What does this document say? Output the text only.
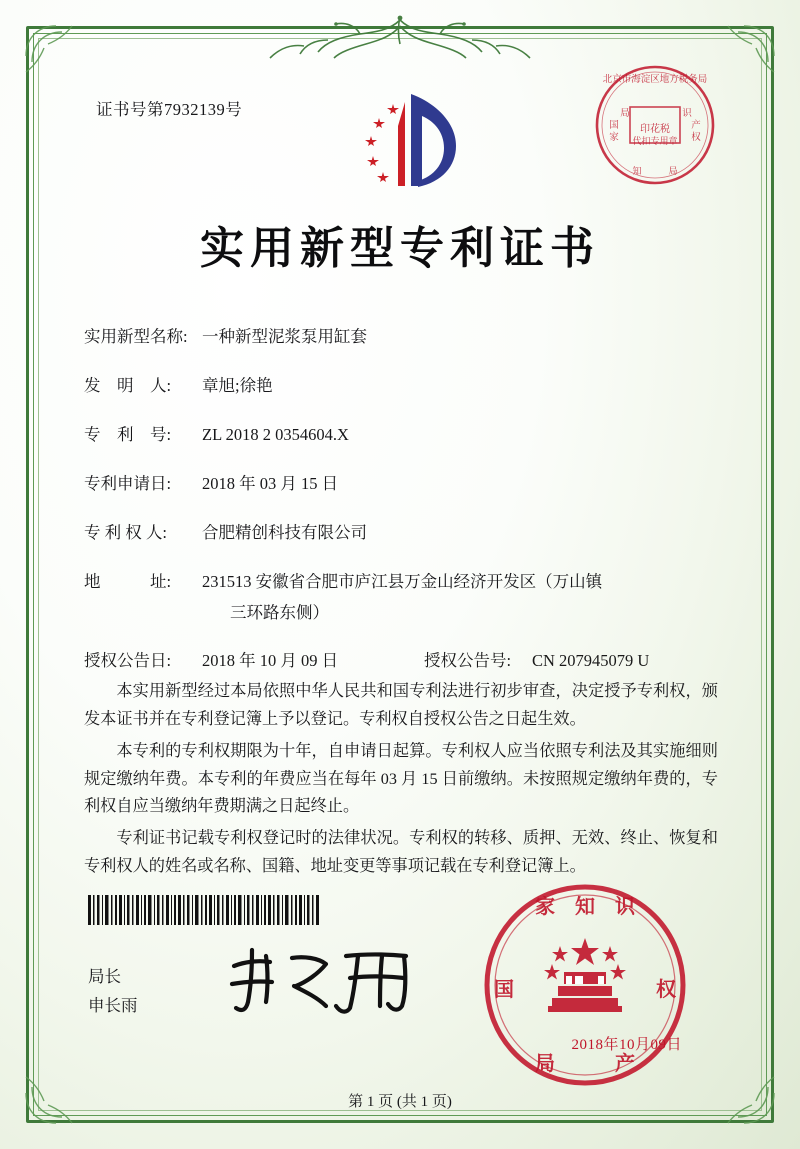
证书号第7932139号
印花税
代扣专用章
北京市海淀区地方税务局
国
家
产
权
局	识
知　　　局
实用新型专利证书
实用新型名称: 一种新型泥浆泵用缸套
发　明　人:	章旭;徐艳
专　利　号:	ZL 2018 2 0354604.X
专利申请日:	2018 年 03 月 15 日
专 利 权 人:	合肥精创科技有限公司
地　　　址:	231513 安徽省合肥市庐江县万金山经济开发区（万山镇
三环路东侧）
授权公告日:	2018 年 10 月 09 日	授权公告号:	CN 207945079 U

本实用新型经过本局依照中华人民共和国专利法进行初步审查，决定授予专利权，颁发本证书并在专利登记簿上予以登记。专利权自授权公告之日起生效。

本专利的专利权期限为十年，自申请日起算。专利权人应当依照专利法及其实施细则规定缴纳年费。本专利的年费应当在每年 03 月 15 日前缴纳。未按照规定缴纳年费的，专利权自应当缴纳年费期满之日起终止。

专利证书记载专利权登记时的法律状况。专利权的转移、质押、无效、终止、恢复和专利权人的姓名或名称、国籍、地址变更等事项记载在专利登记簿上。

局长
申长雨
家　知　识
国	权
局　　　产
2018年10月09日
第 1 页 (共 1 页)
